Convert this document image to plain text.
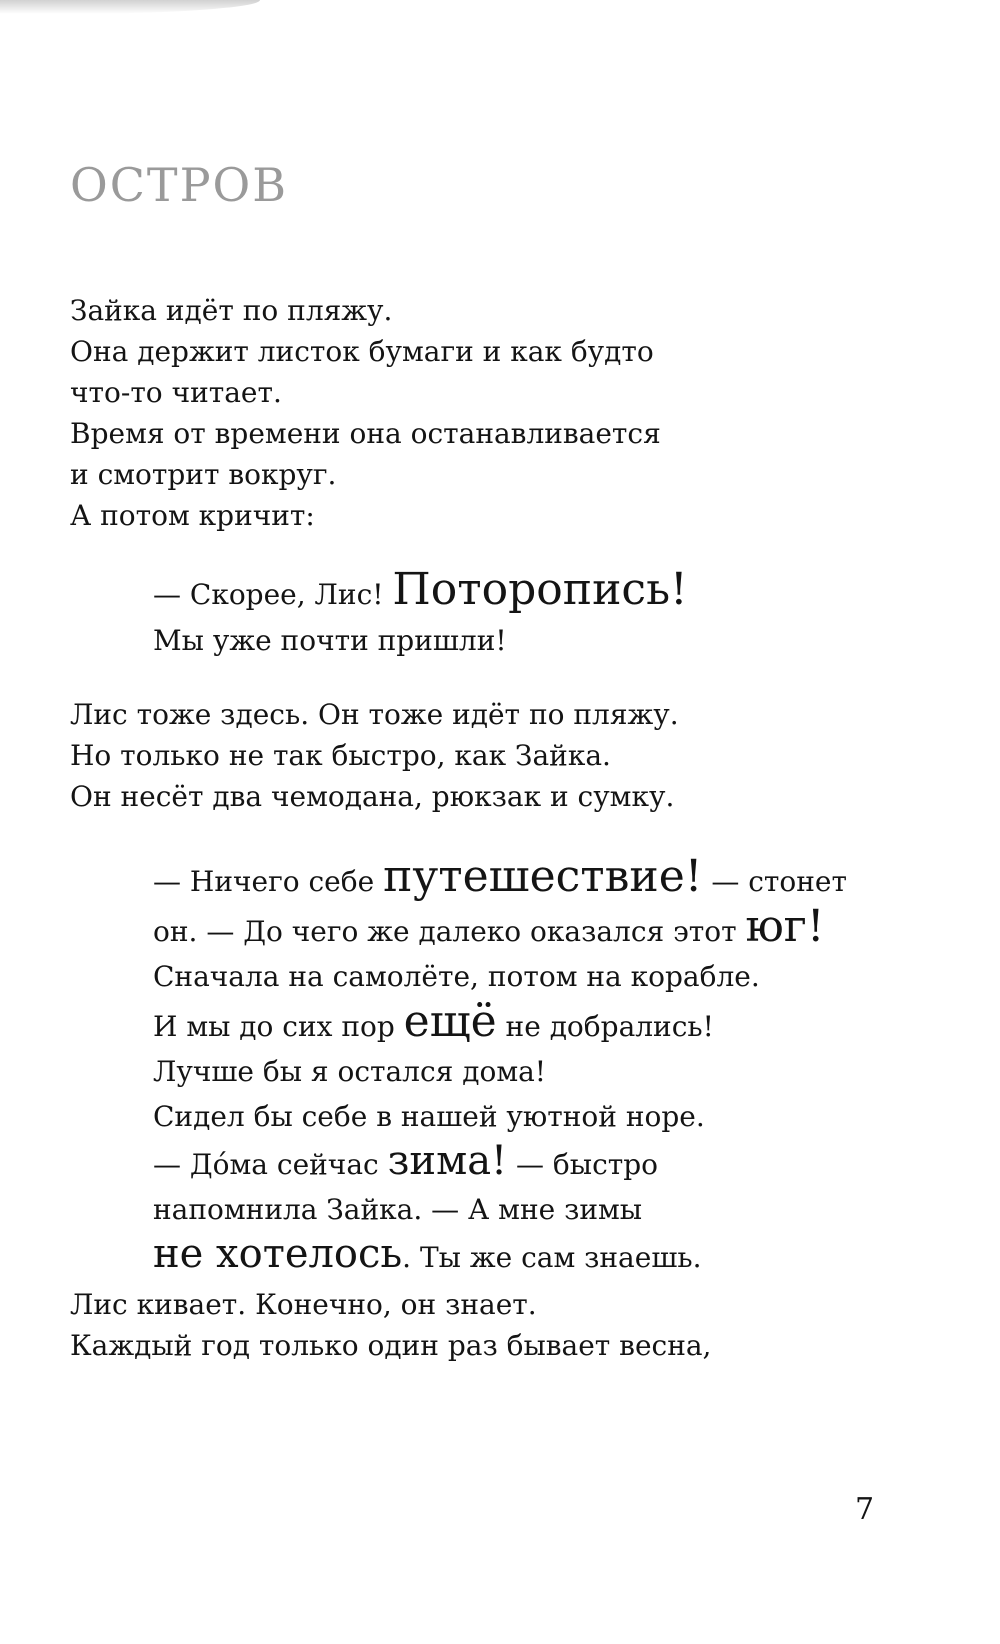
ОСТРОВ

Зайка идёт по пляжу.
Она держит листок бумаги и как будто
что-то читает.
Время от времени она останавливается
и смотрит вокруг.
А потом кричит:

— Скорее, Лис! Поторопись!
Мы уже почти пришли!

Лис тоже здесь. Он тоже идёт по пляжу.
Но только не так быстро, как Зайка.
Он несёт два чемодана, рюкзак и сумку.

— Ничего себе путешествие! — стонет
он. — До чего же далеко оказался этот юг!
Сначала на самолёте, потом на корабле.
И мы до сих пор ещё не добрались!
Лучше бы я остался дома!
Сидел бы себе в нашей уютной норе.
— До́ма сейчас зима! — быстро
напомнила Зайка. — А мне зимы
не хотелось. Ты же сам знаешь.

Лис кивает. Конечно, он знает.
Каждый год только один раз бывает весна,

7
